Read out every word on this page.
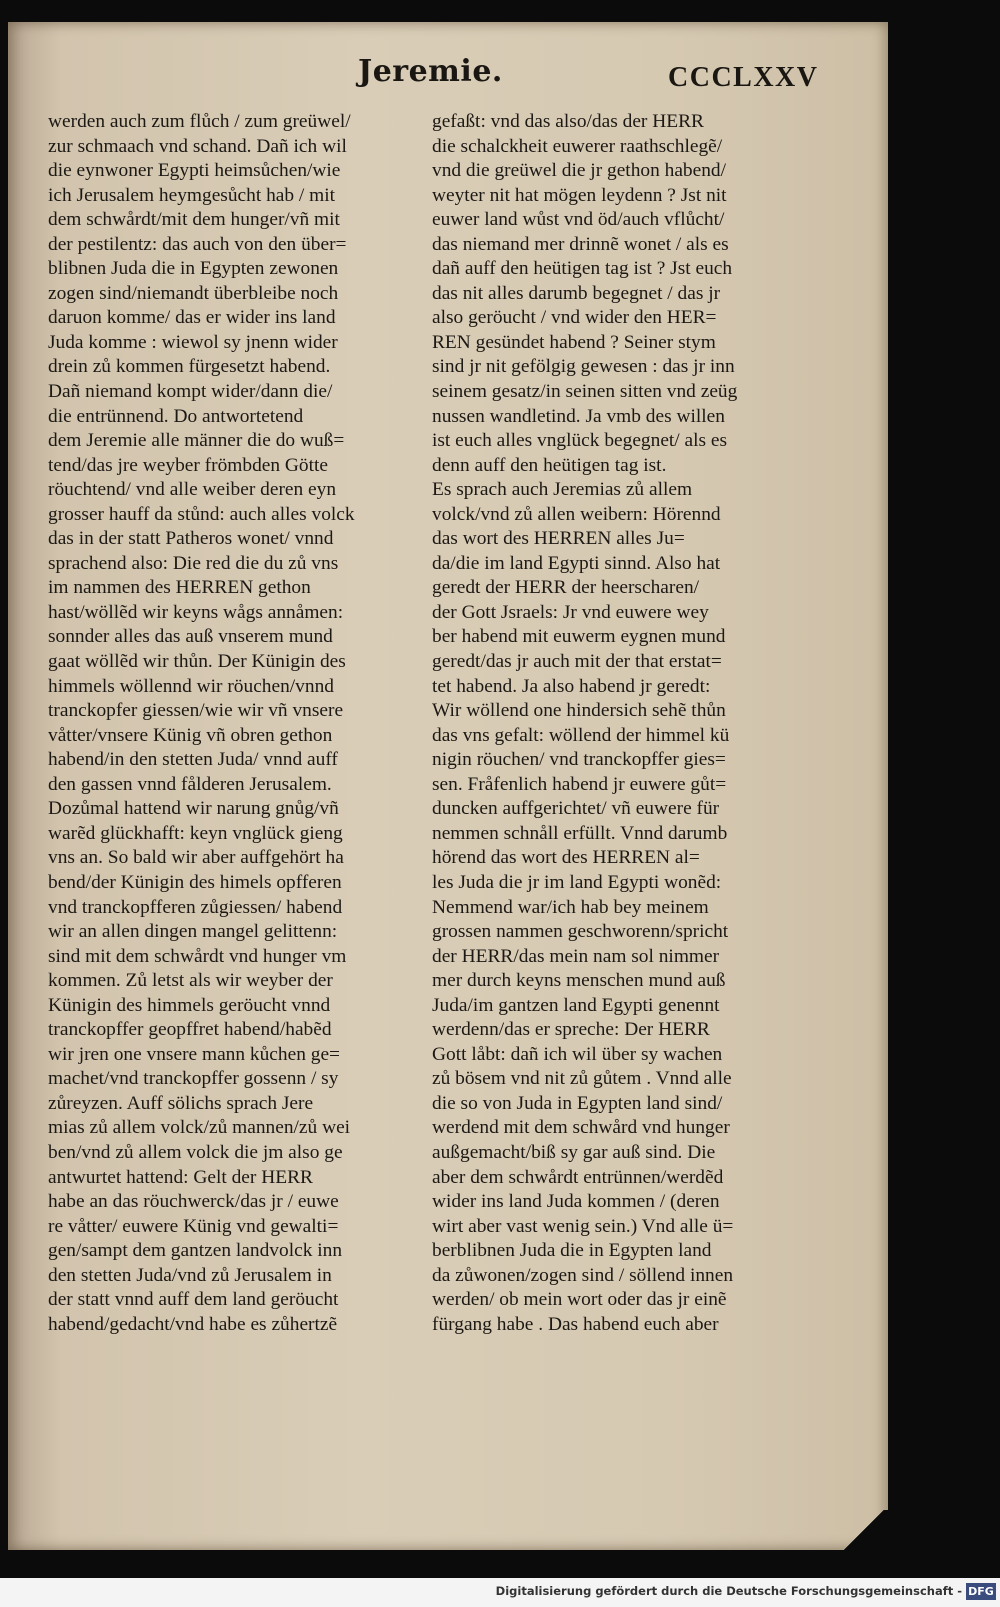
Jeremie.	CCCLXXV
werden auch zum flůch / zum greüwel/
zur schmaach vnd schand. Dañ ich wil
die eynwoner Egypti heimsůchen/wie
ich Jerusalem heymgesůcht hab / mit
dem schwårdt/mit dem hunger/vñ mit
der pestilentz: das auch von den über=
blibnen Juda die in Egypten zewonen
zogen sind/niemandt überbleibe noch
daruon komme/ das er wider ins land
Juda komme : wiewol sy jnenn wider
drein zů kommen fürgesetzt habend.
Dañ niemand kompt wider/dann die/
die entrünnend. Do antwortetend
dem Jeremie alle männer die do wuß=
tend/das jre weyber frömbden Götte
röuchtend/ vnd alle weiber deren eyn
grosser hauff da stůnd: auch alles volck
das in der statt Patheros wonet/ vnnd
sprachend also: Die red die du zů vns
im nammen des HERREN gethon
hast/wöllẽd wir keyns wågs annåmen:
sonnder alles das auß vnserem mund
gaat wöllẽd wir thůn. Der Künigin des
himmels wöllennd wir röuchen/vnnd
tranckopfer giessen/wie wir vñ vnsere
våtter/vnsere Künig vñ obren gethon
habend/in den stetten Juda/ vnnd auff
den gassen vnnd fålderen Jerusalem.
Dozůmal hattend wir narung gnůg/vñ
warẽd glückhafft: keyn vnglück gieng
vns an. So bald wir aber auffgehört ha
bend/der Künigin des himels opfferen
vnd tranckopfferen zůgiessen/ habend
wir an allen dingen mangel gelittenn:
sind mit dem schwårdt vnd hunger vm
kommen. Zů letst als wir weyber der
Künigin des himmels geröucht vnnd
tranckopffer geopffret habend/habẽd
wir jren one vnsere mann kůchen ge=
machet/vnd tranckopffer gossenn / sy
zůreyzen. Auff sölichs sprach Jere
mias zů allem volck/zů mannen/zů wei
ben/vnd zů allem volck die jm also ge
antwurtet hattend: Gelt der HERR
habe an das röuchwerck/das jr / euwe
re våtter/ euwere Künig vnd gewalti=
gen/sampt dem gantzen landvolck inn
den stetten Juda/vnd zů Jerusalem in
der statt vnnd auff dem land geröucht
habend/gedacht/vnd habe es zůhertzẽ
gefaßt: vnd das also/das der HERR
die schalckheit euwerer raathschlegẽ/
vnd die greüwel die jr gethon habend/
weyter nit hat mögen leydenn ? Jst nit
euwer land wůst vnd öd/auch vflůcht/
das niemand mer drinnẽ wonet / als es
dañ auff den heütigen tag ist ? Jst euch
das nit alles darumb begegnet / das jr
also geröucht / vnd wider den HER=
REN gesündet habend ? Seiner stym
sind jr nit gefölgig gewesen : das jr inn
seinem gesatz/in seinen sitten vnd zeüg
nussen wandletind. Ja vmb des willen
ist euch alles vnglück begegnet/ als es
denn auff den heütigen tag ist.
Es sprach auch Jeremias zů allem
volck/vnd zů allen weibern: Hörennd
das wort des HERREN alles Ju=
da/die im land Egypti sinnd. Also hat
geredt der HERR der heerscharen/
der Gott Jsraels: Jr vnd euwere wey
ber habend mit euwerm eygnen mund
geredt/das jr auch mit der that erstat=
tet habend. Ja also habend jr geredt:
Wir wöllend one hindersich sehẽ thůn
das vns gefalt: wöllend der himmel kü
nigin röuchen/ vnd tranckopffer gies=
sen. Fråfenlich habend jr euwere gůt=
duncken auffgerichtet/ vñ euwere für
nemmen schnåll erfüllt. Vnnd darumb
hörend das wort des HERREN al=
les Juda die jr im land Egypti wonẽd:
Nemmend war/ich hab bey meinem
grossen nammen geschworenn/spricht
der HERR/das mein nam sol nimmer
mer durch keyns menschen mund auß
Juda/im gantzen land Egypti genennt
werdenn/das er spreche: Der HERR
Gott låbt: dañ ich wil über sy wachen
zů bösem vnd nit zů gůtem . Vnnd alle
die so von Juda in Egypten land sind/
werdend mit dem schwård vnd hunger
außgemacht/biß sy gar auß sind. Die
aber dem schwårdt entrünnen/werdẽd
wider ins land Juda kommen / (deren
wirt aber vast wenig sein.) Vnd alle ü=
berblibnen Juda die in Egypten land
da zůwonen/zogen sind / söllend innen
werden/ ob mein wort oder das jr einẽ
fürgang habe . Das habend euch aber
Digitalisierung gefördert durch die Deutsche Forschungsgemeinschaft - DFG
